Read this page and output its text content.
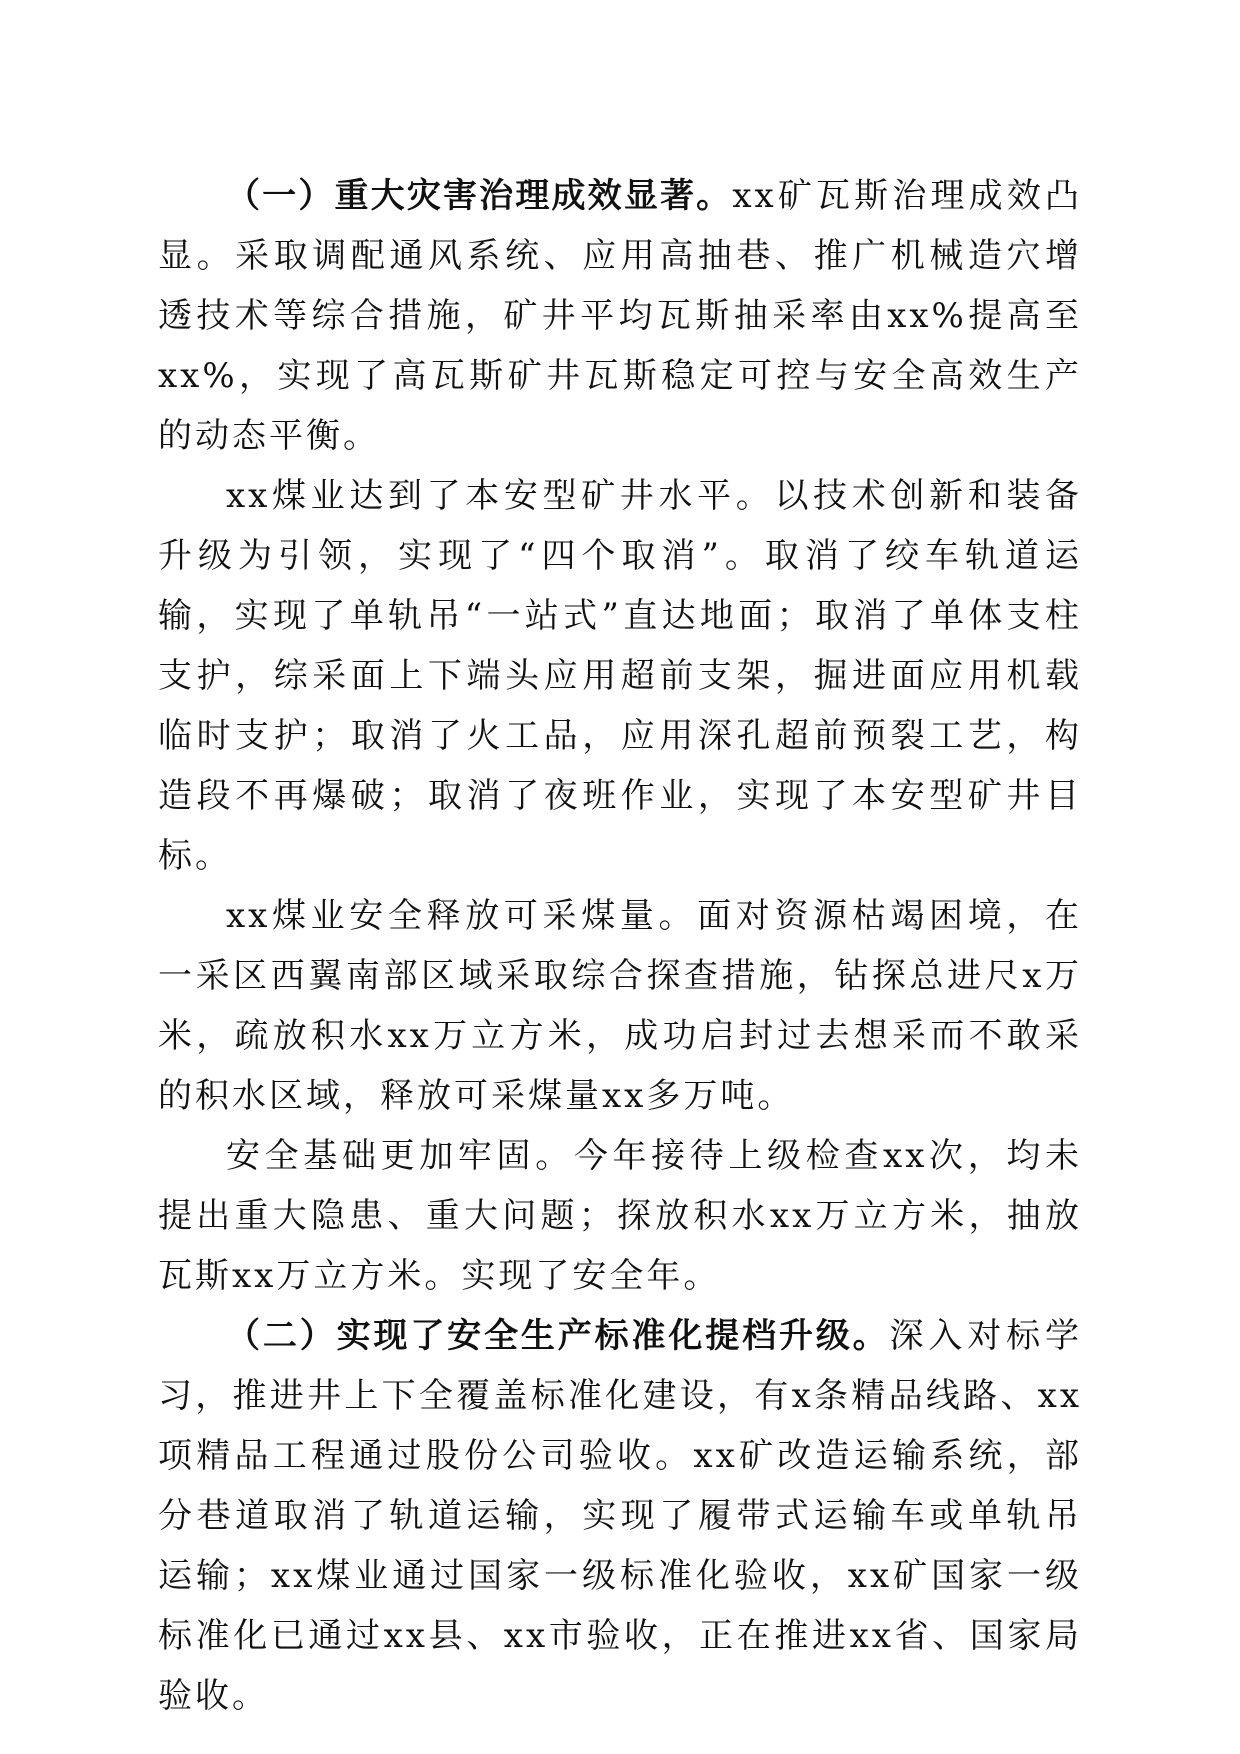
（一）重大灾害治理成效显著。xx矿瓦斯治理成效凸显。采取调配通风系统、应用高抽巷、推广机械造穴增透技术等综合措施，矿井平均瓦斯抽采率由xx%提高至xx%，实现了高瓦斯矿井瓦斯稳定可控与安全高效生产的动态平衡。

xx煤业达到了本安型矿井水平。以技术创新和装备升级为引领，实现了“四个取消”。取消了绞车轨道运输，实现了单轨吊“一站式”直达地面；取消了单体支柱支护，综采面上下端头应用超前支架，掘进面应用机载临时支护；取消了火工品，应用深孔超前预裂工艺，构造段不再爆破；取消了夜班作业，实现了本安型矿井目标。

xx煤业安全释放可采煤量。面对资源枯竭困境，在一采区西翼南部区域采取综合探查措施，钻探总进尺x万米，疏放积水xx万立方米，成功启封过去想采而不敢采的积水区域，释放可采煤量xx多万吨。

安全基础更加牢固。今年接待上级检查xx次，均未提出重大隐患、重大问题；探放积水xx万立方米，抽放瓦斯xx万立方米。实现了安全年。

（二）实现了安全生产标准化提档升级。深入对标学习，推进井上下全覆盖标准化建设，有x条精品线路、xx项精品工程通过股份公司验收。xx矿改造运输系统，部分巷道取消了轨道运输，实现了履带式运输车或单轨吊运输；xx煤业通过国家一级标准化验收，xx矿国家一级标准化已通过xx县、xx市验收，正在推进xx省、国家局验收。
